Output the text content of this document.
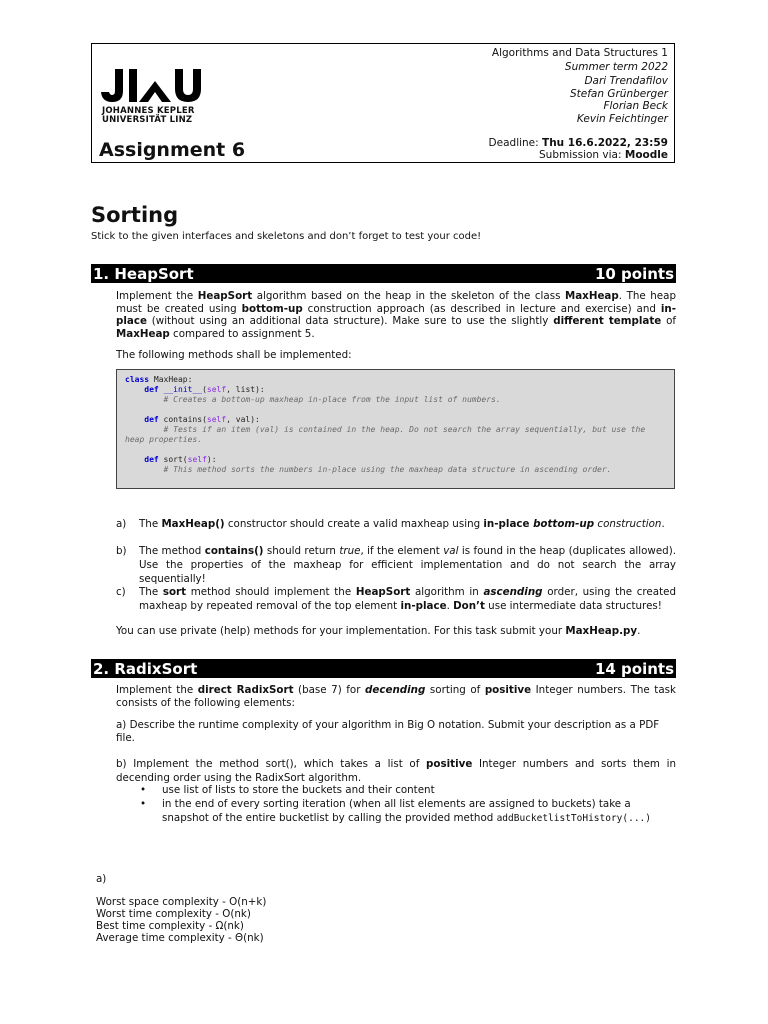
JOHANNES KEPLER
UNIVERSITÄT LINZ
Assignment 6
Algorithms and Data Structures 1
Summer term 2022
Dari Trendafilov
Stefan Grünberger
Florian Beck
Kevin Feichtinger
Deadline: Thu 16.6.2022, 23:59
Submission via: Moodle
Sorting
Stick to the given interfaces and skeletons and don’t forget to test your code!
1. HeapSort	10 points
Implement the HeapSort algorithm based on the heap in the skeleton of the class MaxHeap. The heap must be created using bottom-up construction approach (as described in lecture and exercise) and in-place (without using an additional data structure). Make sure to use the slightly different template of MaxHeap compared to assignment 5.
The following methods shall be implemented:
class MaxHeap:
def __init__(self, list):
# Creates a bottom-up maxheap in-place from the input list of numbers.

def contains(self, val):
# Tests if an item (val) is contained in the heap. Do not search the array sequentially, but use the
heap properties.

def sort(self):
# This method sorts the numbers in-place using the maxheap data structure in ascending order.
a) The MaxHeap() constructor should create a valid maxheap using in-place bottom-up construction.
b) The method contains() should return true, if the element val is found in the heap (duplicates allowed). Use the properties of the maxheap for efficient implementation and do not search the array sequentially!
c) The sort method should implement the HeapSort algorithm in ascending order, using the created maxheap by repeated removal of the top element in-place. Don’t use intermediate data structures!
You can use private (help) methods for your implementation. For this task submit your MaxHeap.py.
2. RadixSort	14 points
Implement the direct RadixSort (base 7) for decending sorting of positive Integer numbers. The task consists of the following elements:
a) Describe the runtime complexity of your algorithm in Big O notation. Submit your description as a PDF file.
b) Implement the method sort(), which takes a list of positive Integer numbers and sorts them in decending order using the RadixSort algorithm.
• use list of lists to store the buckets and their content
• in the end of every sorting iteration (when all list elements are assigned to buckets) take a snapshot of the entire bucketlist by calling the provided method addBucketlistToHistory(...)
a)
Worst space complexity - O(n+k)
Worst time complexity - O(nk)
Best time complexity - Ω(nk)
Average time complexity - Θ(nk)
